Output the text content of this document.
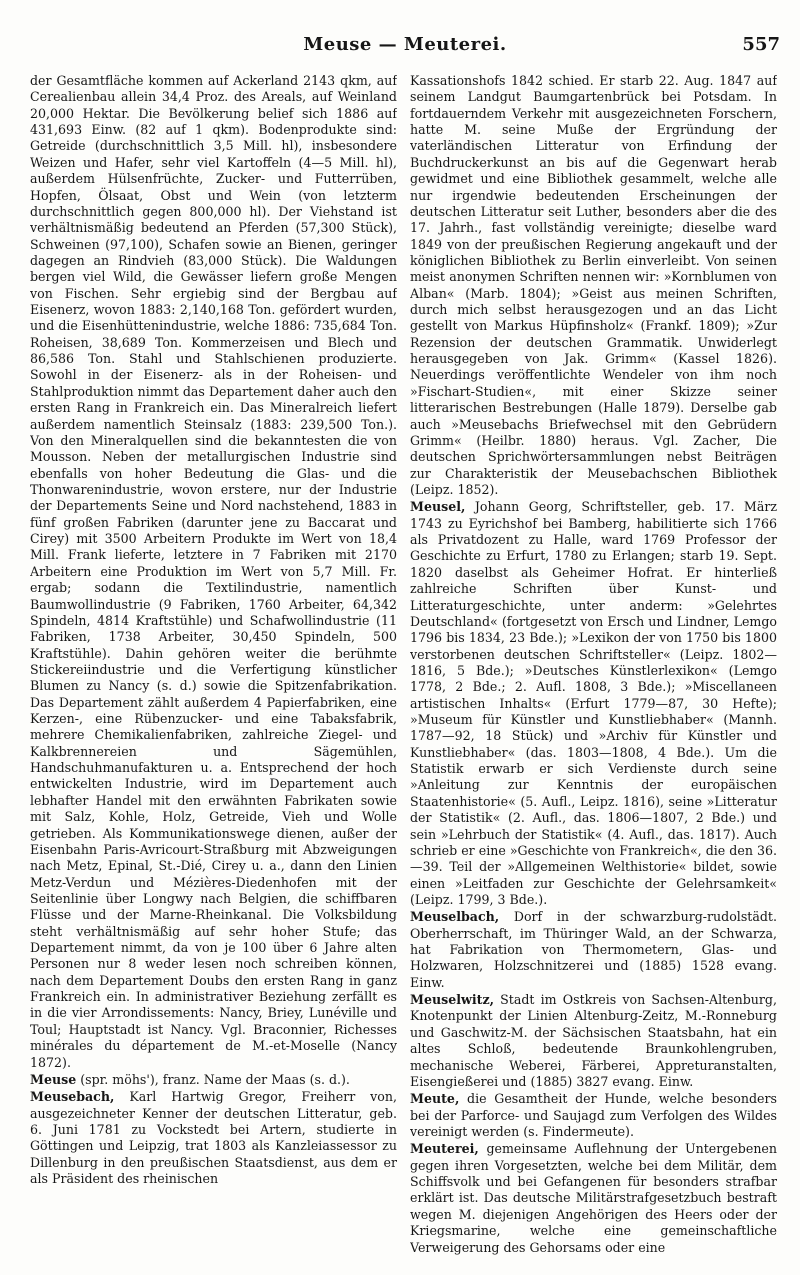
Meuse — Meuterei.	557

der Gesamtfläche kommen auf Ackerland 2143 qkm, auf Cerealienbau allein 34,4 Proz. des Areals, auf Weinland 20,000 Hektar. Die Bevölkerung belief sich 1886 auf 431,693 Einw. (82 auf 1 qkm). Bodenprodukte sind: Getreide (durchschnittlich 3,5 Mill. hl), insbesondere Weizen und Hafer, sehr viel Kartoffeln (4—5 Mill. hl), außerdem Hülsenfrüchte, Zucker- und Futterrüben, Hopfen, Ölsaat, Obst und Wein (von letzterm durchschnittlich gegen 800,000 hl). Der Viehstand ist verhältnismäßig bedeutend an Pferden (57,300 Stück), Schweinen (97,100), Schafen sowie an Bienen, geringer dagegen an Rindvieh (83,000 Stück). Die Waldungen bergen viel Wild, die Gewässer liefern große Mengen von Fischen. Sehr ergiebig sind der Bergbau auf Eisenerz, wovon 1883: 2,140,168 Ton. gefördert wurden, und die Eisenhüttenindustrie, welche 1886: 735,684 Ton. Roheisen, 38,689 Ton. Kommerzeisen und Blech und 86,586 Ton. Stahl und Stahlschienen produzierte. Sowohl in der Eisenerz- als in der Roheisen- und Stahlproduktion nimmt das Departement daher auch den ersten Rang in Frankreich ein. Das Mineralreich liefert außerdem namentlich Steinsalz (1883: 239,500 Ton.). Von den Mineralquellen sind die bekanntesten die von Mousson. Neben der metallurgischen Industrie sind ebenfalls von hoher Bedeutung die Glas- und die Thonwarenindustrie, wovon erstere, nur der Industrie der Departements Seine und Nord nachstehend, 1883 in fünf großen Fabriken (darunter jene zu Baccarat und Cirey) mit 3500 Arbeitern Produkte im Wert von 18,4 Mill. Frank lieferte, letztere in 7 Fabriken mit 2170 Arbeitern eine Produktion im Wert von 5,7 Mill. Fr. ergab; sodann die Textilindustrie, namentlich Baumwollindustrie (9 Fabriken, 1760 Arbeiter, 64,342 Spindeln, 4814 Kraftstühle) und Schafwollindustrie (11 Fabriken, 1738 Arbeiter, 30,450 Spindeln, 500 Kraftstühle). Dahin gehören weiter die berühmte Stickereiindustrie und die Verfertigung künstlicher Blumen zu Nancy (s. d.) sowie die Spitzenfabrikation. Das Departement zählt außerdem 4 Papierfabriken, eine Kerzen-, eine Rübenzucker- und eine Tabaksfabrik, mehrere Chemikalienfabriken, zahlreiche Ziegel- und Kalkbrennereien und Sägemühlen, Handschuhmanufakturen u. a. Entsprechend der hoch entwickelten Industrie, wird im Departement auch lebhafter Handel mit den erwähnten Fabrikaten sowie mit Salz, Kohle, Holz, Getreide, Vieh und Wolle getrieben. Als Kommunikationswege dienen, außer der Eisenbahn Paris-Avricourt-Straßburg mit Abzweigungen nach Metz, Epinal, St.-Dié, Cirey u. a., dann den Linien Metz-Verdun und Mézières-Diedenhofen mit der Seitenlinie über Longwy nach Belgien, die schiffbaren Flüsse und der Marne-Rheinkanal. Die Volksbildung steht verhältnismäßig auf sehr hoher Stufe; das Departement nimmt, da von je 100 über 6 Jahre alten Personen nur 8 weder lesen noch schreiben können, nach dem Departement Doubs den ersten Rang in ganz Frankreich ein. In administrativer Beziehung zerfällt es in die vier Arrondissements: Nancy, Briey, Lunéville und Toul; Hauptstadt ist Nancy. Vgl. Braconnier, Richesses minérales du département de M.-et-Moselle (Nancy 1872).

Meuse (spr. möhs'), franz. Name der Maas (s. d.).

Meusebach, Karl Hartwig Gregor, Freiherr von, ausgezeichneter Kenner der deutschen Litteratur, geb. 6. Juni 1781 zu Vockstedt bei Artern, studierte in Göttingen und Leipzig, trat 1803 als Kanzleiassessor zu Dillenburg in den preußischen Staatsdienst, aus dem er als Präsident des rheinischen

Kassationshofs 1842 schied. Er starb 22. Aug. 1847 auf seinem Landgut Baumgartenbrück bei Potsdam. In fortdauerndem Verkehr mit ausgezeichneten Forschern, hatte M. seine Muße der Ergründung der vaterländischen Litteratur von Erfindung der Buchdruckerkunst an bis auf die Gegenwart herab gewidmet und eine Bibliothek gesammelt, welche alle nur irgendwie bedeutenden Erscheinungen der deutschen Litteratur seit Luther, besonders aber die des 17. Jahrh., fast vollständig vereinigte; dieselbe ward 1849 von der preußischen Regierung angekauft und der königlichen Bibliothek zu Berlin einverleibt. Von seinen meist anonymen Schriften nennen wir: »Kornblumen von Alban« (Marb. 1804); »Geist aus meinen Schriften, durch mich selbst herausgezogen und an das Licht gestellt von Markus Hüpfinsholz« (Frankf. 1809); »Zur Rezension der deutschen Grammatik. Unwiderlegt herausgegeben von Jak. Grimm« (Kassel 1826). Neuerdings veröffentlichte Wendeler von ihm noch »Fischart-Studien«, mit einer Skizze seiner litterarischen Bestrebungen (Halle 1879). Derselbe gab auch »Meusebachs Briefwechsel mit den Gebrüdern Grimm« (Heilbr. 1880) heraus. Vgl. Zacher, Die deutschen Sprichwörtersammlungen nebst Beiträgen zur Charakteristik der Meusebachschen Bibliothek (Leipz. 1852).

Meusel, Johann Georg, Schriftsteller, geb. 17. März 1743 zu Eyrichshof bei Bamberg, habilitierte sich 1766 als Privatdozent zu Halle, ward 1769 Professor der Geschichte zu Erfurt, 1780 zu Erlangen; starb 19. Sept. 1820 daselbst als Geheimer Hofrat. Er hinterließ zahlreiche Schriften über Kunst- und Litteraturgeschichte, unter anderm: »Gelehrtes Deutschland« (fortgesetzt von Ersch und Lindner, Lemgo 1796 bis 1834, 23 Bde.); »Lexikon der von 1750 bis 1800 verstorbenen deutschen Schriftsteller« (Leipz. 1802—1816, 5 Bde.); »Deutsches Künstlerlexikon« (Lemgo 1778, 2 Bde.; 2. Aufl. 1808, 3 Bde.); »Miscellaneen artistischen Inhalts« (Erfurt 1779—87, 30 Hefte); »Museum für Künstler und Kunstliebhaber« (Mannh. 1787—92, 18 Stück) und »Archiv für Künstler und Kunstliebhaber« (das. 1803—1808, 4 Bde.). Um die Statistik erwarb er sich Verdienste durch seine »Anleitung zur Kenntnis der europäischen Staatenhistorie« (5. Aufl., Leipz. 1816), seine »Litteratur der Statistik« (2. Aufl., das. 1806—1807, 2 Bde.) und sein »Lehrbuch der Statistik« (4. Aufl., das. 1817). Auch schrieb er eine »Geschichte von Frankreich«, die den 36.—39. Teil der »Allgemeinen Welthistorie« bildet, sowie einen »Leitfaden zur Geschichte der Gelehrsamkeit« (Leipz. 1799, 3 Bde.).

Meuselbach, Dorf in der schwarzburg-rudolstädt. Oberherrschaft, im Thüringer Wald, an der Schwarza, hat Fabrikation von Thermometern, Glas- und Holzwaren, Holzschnitzerei und (1885) 1528 evang. Einw.

Meuselwitz, Stadt im Ostkreis von Sachsen-Altenburg, Knotenpunkt der Linien Altenburg-Zeitz, M.-Ronneburg und Gaschwitz-M. der Sächsischen Staatsbahn, hat ein altes Schloß, bedeutende Braunkohlengruben, mechanische Weberei, Färberei, Appreturanstalten, Eisengießerei und (1885) 3827 evang. Einw.

Meute, die Gesamtheit der Hunde, welche besonders bei der Parforce- und Saujagd zum Verfolgen des Wildes vereinigt werden (s. Findermeute).

Meuterei, gemeinsame Auflehnung der Untergebenen gegen ihren Vorgesetzten, welche bei dem Militär, dem Schiffsvolk und bei Gefangenen für besonders strafbar erklärt ist. Das deutsche Militärstrafgesetzbuch bestraft wegen M. diejenigen Angehörigen des Heers oder der Kriegsmarine, welche eine gemeinschaftliche Verweigerung des Gehorsams oder eine
